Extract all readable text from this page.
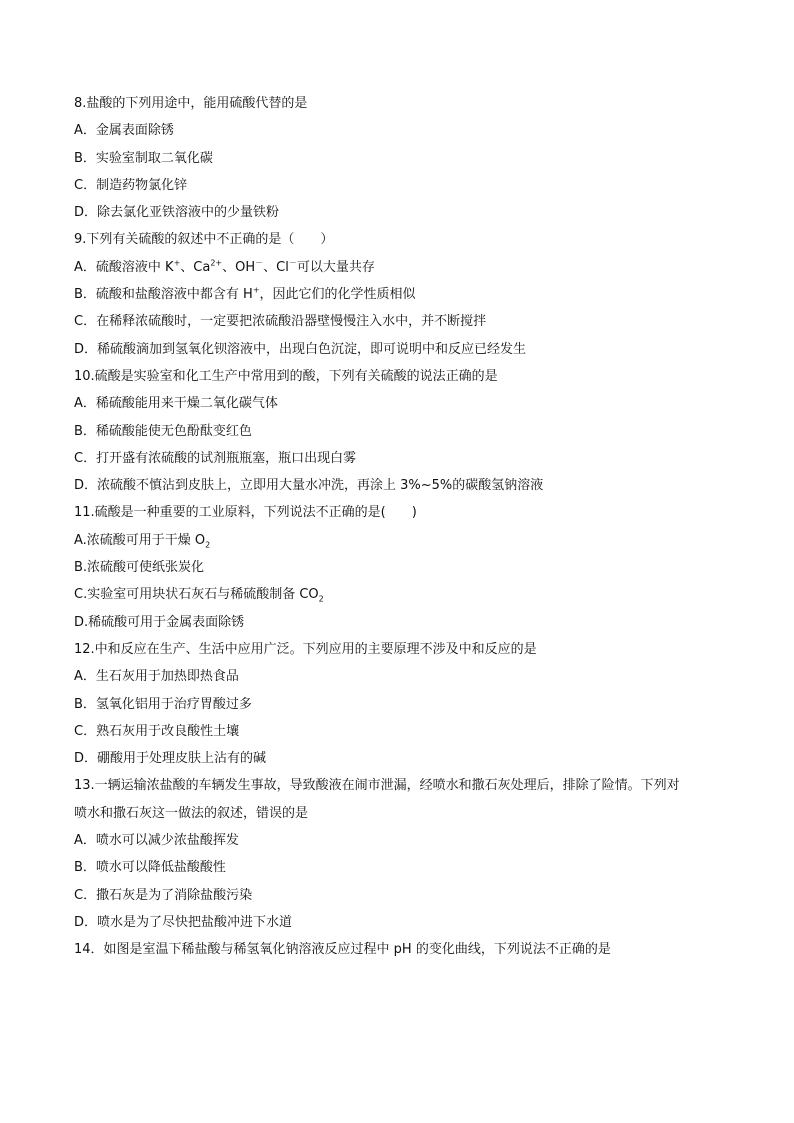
8.盐酸的下列用途中，能用硫酸代替的是

A．金属表面除锈

B．实验室制取二氧化碳

C．制造药物氯化锌

D．除去氯化亚铁溶液中的少量铁粉

9.下列有关硫酸的叙述中不正确的是（　　）

A．硫酸溶液中 K+、$Ca^{2+}$、OH－、Cl－可以大量共存

B．硫酸和盐酸溶液中都含有 H+，因此它们的化学性质相似

C．在稀释浓硫酸时，一定要把浓硫酸沿器壁慢慢注入水中，并不断搅拌

D．稀硫酸滴加到氢氧化钡溶液中，出现白色沉淀，即可说明中和反应已经发生

10.硫酸是实验室和化工生产中常用到的酸，下列有关硫酸的说法正确的是

A．稀硫酸能用来干燥二氧化碳气体

B．稀硫酸能使无色酚酞变红色

C．打开盛有浓硫酸的试剂瓶瓶塞，瓶口出现白雾

D．浓硫酸不慎沾到皮肤上，立即用大量水冲洗，再涂上 3%~5%的碳酸氢钠溶液

11.硫酸是一种重要的工业原料，下列说法不正确的是(　　)

A.浓硫酸可用于干燥 $O_2$

B.浓硫酸可使纸张炭化

C.实验室可用块状石灰石与稀硫酸制备 $CO_2$

D.稀硫酸可用于金属表面除锈

12.中和反应在生产、生活中应用广泛。下列应用的主要原理不涉及中和反应的是

A．生石灰用于加热即热食品

B．氢氧化铝用于治疗胃酸过多

C．熟石灰用于改良酸性土壤

D．硼酸用于处理皮肤上沾有的碱

13.一辆运输浓盐酸的车辆发生事故，导致酸液在闹市泄漏，经喷水和撒石灰处理后，排除了险情。下列对

喷水和撒石灰这一做法的叙述，错误的是

A．喷水可以减少浓盐酸挥发

B．喷水可以降低盐酸酸性

C．撒石灰是为了消除盐酸污染

D．喷水是为了尽快把盐酸冲进下水道

14．如图是室温下稀盐酸与稀氢氧化钠溶液反应过程中 pH 的变化曲线，下列说法不正确的是
